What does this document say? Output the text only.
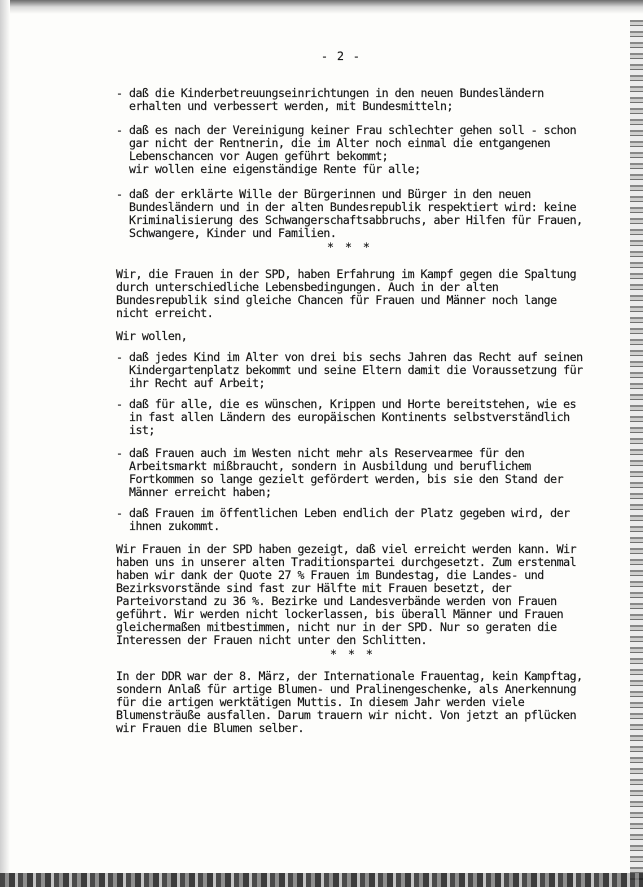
- 2 -
- daß die Kinderbetreuungseinrichtungen in den neuen Bundesländern
erhalten und verbessert werden, mit Bundesmitteln;
- daß es nach der Vereinigung keiner Frau schlechter gehen soll - schon
gar nicht der Rentnerin, die im Alter noch einmal die entgangenen
Lebenschancen vor Augen geführt bekommt;
wir wollen eine eigenständige Rente für alle;
- daß der erklärte Wille der Bürgerinnen und Bürger in den neuen
Bundesländern und in der alten Bundesrepublik respektiert wird: keine
Kriminalisierung des Schwangerschaftsabbruchs, aber Hilfen für Frauen,
Schwangere, Kinder und Familien.
* * *
Wir, die Frauen in der SPD, haben Erfahrung im Kampf gegen die Spaltung
durch unterschiedliche Lebensbedingungen. Auch in der alten
Bundesrepublik sind gleiche Chancen für Frauen und Männer noch lange
nicht erreicht.
Wir wollen,
- daß jedes Kind im Alter von drei bis sechs Jahren das Recht auf seinen
Kindergartenplatz bekommt und seine Eltern damit die Voraussetzung für
ihr Recht auf Arbeit;
- daß für alle, die es wünschen, Krippen und Horte bereitstehen, wie es
in fast allen Ländern des europäischen Kontinents selbstverständlich
ist;
- daß Frauen auch im Westen nicht mehr als Reservearmee für den
Arbeitsmarkt mißbraucht, sondern in Ausbildung und beruflichem
Fortkommen so lange gezielt gefördert werden, bis sie den Stand der
Männer erreicht haben;
- daß Frauen im öffentlichen Leben endlich der Platz gegeben wird, der
ihnen zukommt.
Wir Frauen in der SPD haben gezeigt, daß viel erreicht werden kann. Wir
haben uns in unserer alten Traditionspartei durchgesetzt. Zum erstenmal
haben wir dank der Quote 27 % Frauen im Bundestag, die Landes- und
Bezirksvorstände sind fast zur Hälfte mit Frauen besetzt, der
Parteivorstand zu 36 %. Bezirke und Landesverbände werden von Frauen
geführt. Wir werden nicht lockerlassen, bis überall Männer und Frauen
gleichermaßen mitbestimmen, nicht nur in der SPD. Nur so geraten die
Interessen der Frauen nicht unter den Schlitten.
* * *
In der DDR war der 8. März, der Internationale Frauentag, kein Kampftag,
sondern Anlaß für artige Blumen- und Pralinengeschenke, als Anerkennung
für die artigen werktätigen Muttis. In diesem Jahr werden viele
Blumensträuße ausfallen. Darum trauern wir nicht. Von jetzt an pflücken
wir Frauen die Blumen selber.
